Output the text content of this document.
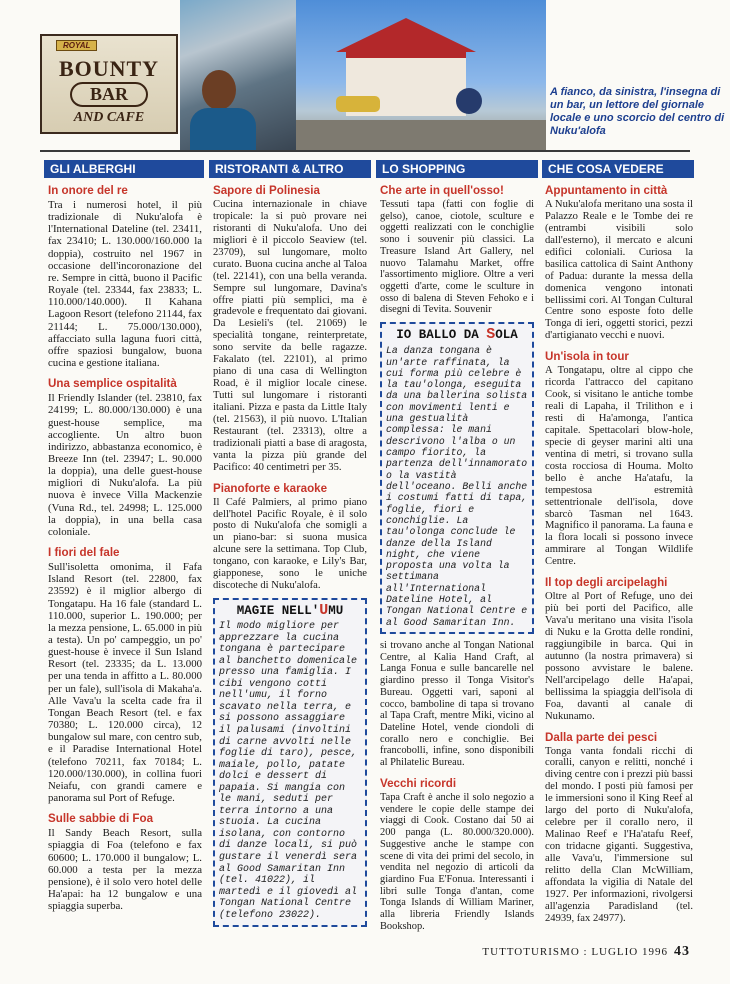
ROYAL
BOUNTY
BAR
AND CAFE
A fianco, da sinistra, l'insegna di un bar, un lettore del giornale locale e uno scorcio del centro di Nuku'alofa
GLI ALBERGHI	RISTORANTI & ALTRO	LO SHOPPING	CHE COSA VEDERE
In onore del re
Tra i numerosi hotel, il più tradizionale di Nuku'alofa è l'International Dateline (tel. 23411, fax 23410; L. 130.000/160.000 la doppia), costruito nel 1967 in occasione dell'incoronazione del re. Sempre in città, buono il Pacific Royale (tel. 23344, fax 23833; L. 110.000/140.000). Il Kahana Lagoon Resort (telefono 21144, fax 21144; L. 75.000/130.000), affacciato sulla laguna fuori città, offre spaziosi bungalow, buona cucina e gestione italiana.
Una semplice ospitalità
Il Friendly Islander (tel. 23810, fax 24199; L. 80.000/130.000) è una guest-house semplice, ma accogliente. Un altro buon indirizzo, abbastanza economico, è Breeze Inn (tel. 23947; L. 90.000 la doppia), una delle guest-house migliori di Nuku'alofa. La più nuova è invece Villa Mackenzie (Vuna Rd., tel. 24998; L. 125.000 la doppia), in una bella casa coloniale.
I fiori del fale
Sull'isoletta omonima, il Fafa Island Resort (tel. 22800, fax 23592) è il miglior albergo di Tongatapu. Ha 16 fale (standard L. 110.000, superior L. 190.000; per la mezza pensione, L. 65.000 in più a testa). Un po' campeggio, un po' guest-house è invece il Sun Island Resort (tel. 23335; da L. 13.000 per una tenda in affitto a L. 80.000 per un fale), sull'isola di Makaha'a. Alle Vava'u la scelta cade fra il Tongan Beach Resort (tel. e fax 70380; L. 120.000 circa), 12 bungalow sul mare, con centro sub, e il Paradise International Hotel (telefono 70211, fax 70184; L. 120.000/130.000), in collina fuori Neiafu, con grandi camere e panorama sul Port of Refuge.
Sulle sabbie di Foa
Il Sandy Beach Resort, sulla spiaggia di Foa (telefono e fax 60600; L. 170.000 il bungalow; L. 60.000 a testa per la mezza pensione), è il solo vero hotel delle Ha'apai: ha 12 bungalow e una spiaggia superba.
Sapore di Polinesia
Cucina internazionale in chiave tropicale: la si può provare nei ristoranti di Nuku'alofa. Uno dei migliori è il piccolo Seaview (tel. 23709), sul lungomare, molto curato. Buona cucina anche al Taloa (tel. 22141), con una bella veranda. Sempre sul lungomare, Davina's offre piatti più semplici, ma è gradevole e frequentato dai giovani. Da Lesieli's (tel. 21069) le specialità tongane, reinterpretate, sono servite da belle ragazze. Fakalato (tel. 22101), al primo piano di una casa di Wellington Road, è il miglior locale cinese. Tutti sul lungomare i ristoranti italiani. Pizza e pasta da Little Italy (tel. 21563), il più nuovo. L'Italian Restaurant (tel. 23313), oltre a tradizionali piatti a base di aragosta, vanta la pizza più grande del Pacifico: 40 centimetri per 35.
Pianoforte e karaoke
Il Café Palmiers, al primo piano dell'hotel Pacific Royale, è il solo posto di Nuku'alofa che somigli a un piano-bar: si suona musica alcune sere la settimana. Top Club, tongano, con karaoke, e Lily's Bar, giapponese, sono le uniche discoteche di Nuku'alofa.
MAGIE NELL'UMU
Il modo migliore per apprezzare la cucina tongana è partecipare al banchetto domenicale presso una famiglia. I cibi vengono cotti nell'umu, il forno scavato nella terra, e si possono assaggiare il palusami (involtini di carne avvolti nelle foglie di taro), pesce, maiale, pollo, patate dolci e dessert di papaia. Si mangia con le mani, seduti per terra intorno a una stuoia. La cucina isolana, con contorno di danze locali, si può gustare il venerdì sera al Good Samaritan Inn (tel. 41022), il martedì e il giovedì al Tongan National Centre (telefono 23022).
Che arte in quell'osso!
Tessuti tapa (fatti con foglie di gelso), canoe, ciotole, sculture e oggetti realizzati con le conchiglie sono i souvenir più classici. La Treasure Island Art Gallery, nel nuovo Talamahu Market, offre l'assortimento migliore. Oltre a veri oggetti d'arte, come le sculture in osso di balena di Steven Fehoko e i disegni di Tevita. Souvenir
IO BALLO DA SOLA
La danza tongana è un'arte raffinata, la cui forma più celebre è la tau'olonga, eseguita da una ballerina solista con movimenti lenti e una gestualità complessa: le mani descrivono l'alba o un campo fiorito, la partenza dell'innamorato o la vastità dell'oceano. Belli anche i costumi fatti di tapa, foglie, fiori e conchiglie. La tau'olonga conclude le danze della Island night, che viene proposta una volta la settimana all'International Dateline Hotel, al Tongan National Centre e al Good Samaritan Inn.
si trovano anche al Tongan National Centre, al Kalia Hand Craft, al Langa Fonua e sulle bancarelle nel giardino presso il Tonga Visitor's Bureau. Oggetti vari, saponi al cocco, bamboline di tapa si trovano al Tapa Craft, mentre Miki, vicino al Dateline Hotel, vende ciondoli di corallo nero e conchiglie. Bei francobolli, infine, sono disponibili al Philatelic Bureau.
Vecchi ricordi
Tapa Craft è anche il solo negozio a vendere le copie delle stampe dei viaggi di Cook. Costano dai 50 ai 200 panga (L. 80.000/320.000). Suggestive anche le stampe con scene di vita dei primi del secolo, in vendita nel negozio di articoli da giardino Fua E'Fonua. Interessanti i libri sulle Tonga d'antan, come Tonga Islands di William Mariner, alla libreria Friendly Islands Bookshop.
Appuntamento in città
A Nuku'alofa meritano una sosta il Palazzo Reale e le Tombe dei re (entrambi visibili solo dall'esterno), il mercato e alcuni edifici coloniali. Curiosa la basilica cattolica di Saint Anthony of Padua: durante la messa della domenica vengono intonati bellissimi cori. Al Tongan Cultural Centre sono esposte foto delle Tonga di ieri, oggetti storici, pezzi d'artigianato vecchi e nuovi.
Un'isola in tour
A Tongatapu, oltre al cippo che ricorda l'attracco del capitano Cook, si visitano le antiche tombe reali di Lapaha, il Trilithon e i resti di Ha'amonga, l'antica capitale. Spettacolari blow-hole, specie di geyser marini alti una ventina di metri, si trovano sulla costa rocciosa di Houma. Molto bello è anche Ha'atafu, la tempestosa estremità settentrionale dell'isola, dove sbarcò Tasman nel 1643. Magnifico il panorama. La fauna e la flora locali si possono invece ammirare al Tongan Wildlife Centre.
Il top degli arcipelaghi
Oltre al Port of Refuge, uno dei più bei porti del Pacifico, alle Vava'u meritano una visita l'isola di Nuku e la Grotta delle rondini, raggiungibile in barca. Qui in autunno (la nostra primavera) si possono avvistare le balene. Nell'arcipelago delle Ha'apai, bellissima la spiaggia dell'isola di Foa, davanti al canale di Nukunamo.
Dalla parte dei pesci
Tonga vanta fondali ricchi di coralli, canyon e relitti, nonché i diving centre con i prezzi più bassi del mondo. I posti più famosi per le immersioni sono il King Reef al largo del porto di Nuku'alofa, celebre per il corallo nero, il Malinao Reef e l'Ha'atafu Reef, con tridacne giganti. Suggestiva, alle Vava'u, l'immersione sul relitto della Clan McWilliam, affondata la vigilia di Natale del 1927. Per informazioni, rivolgersi all'agenzia Paradisland (tel. 24939, fax 24977).
TUTTOTURISMO : LUGLIO 1996 43
